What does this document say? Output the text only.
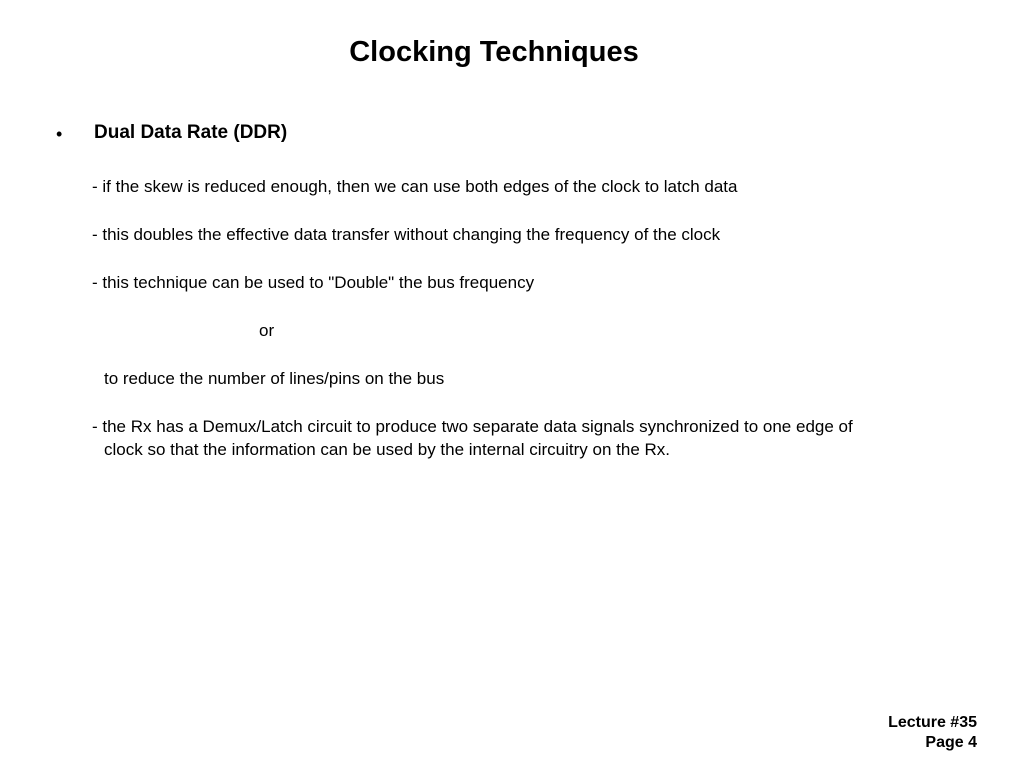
Clocking Techniques
• Dual Data Rate (DDR)
- if the skew is reduced enough, then we can use both edges of the clock to latch data
- this doubles the effective data transfer without changing the frequency of the clock
- this technique can be used to "Double" the bus frequency
or
to reduce the number of lines/pins on the bus
- the Rx has a Demux/Latch circuit to produce two separate data signals synchronized to one edge of
clock so that the information can be used by the internal circuitry on the Rx.
Lecture #35
Page 4
